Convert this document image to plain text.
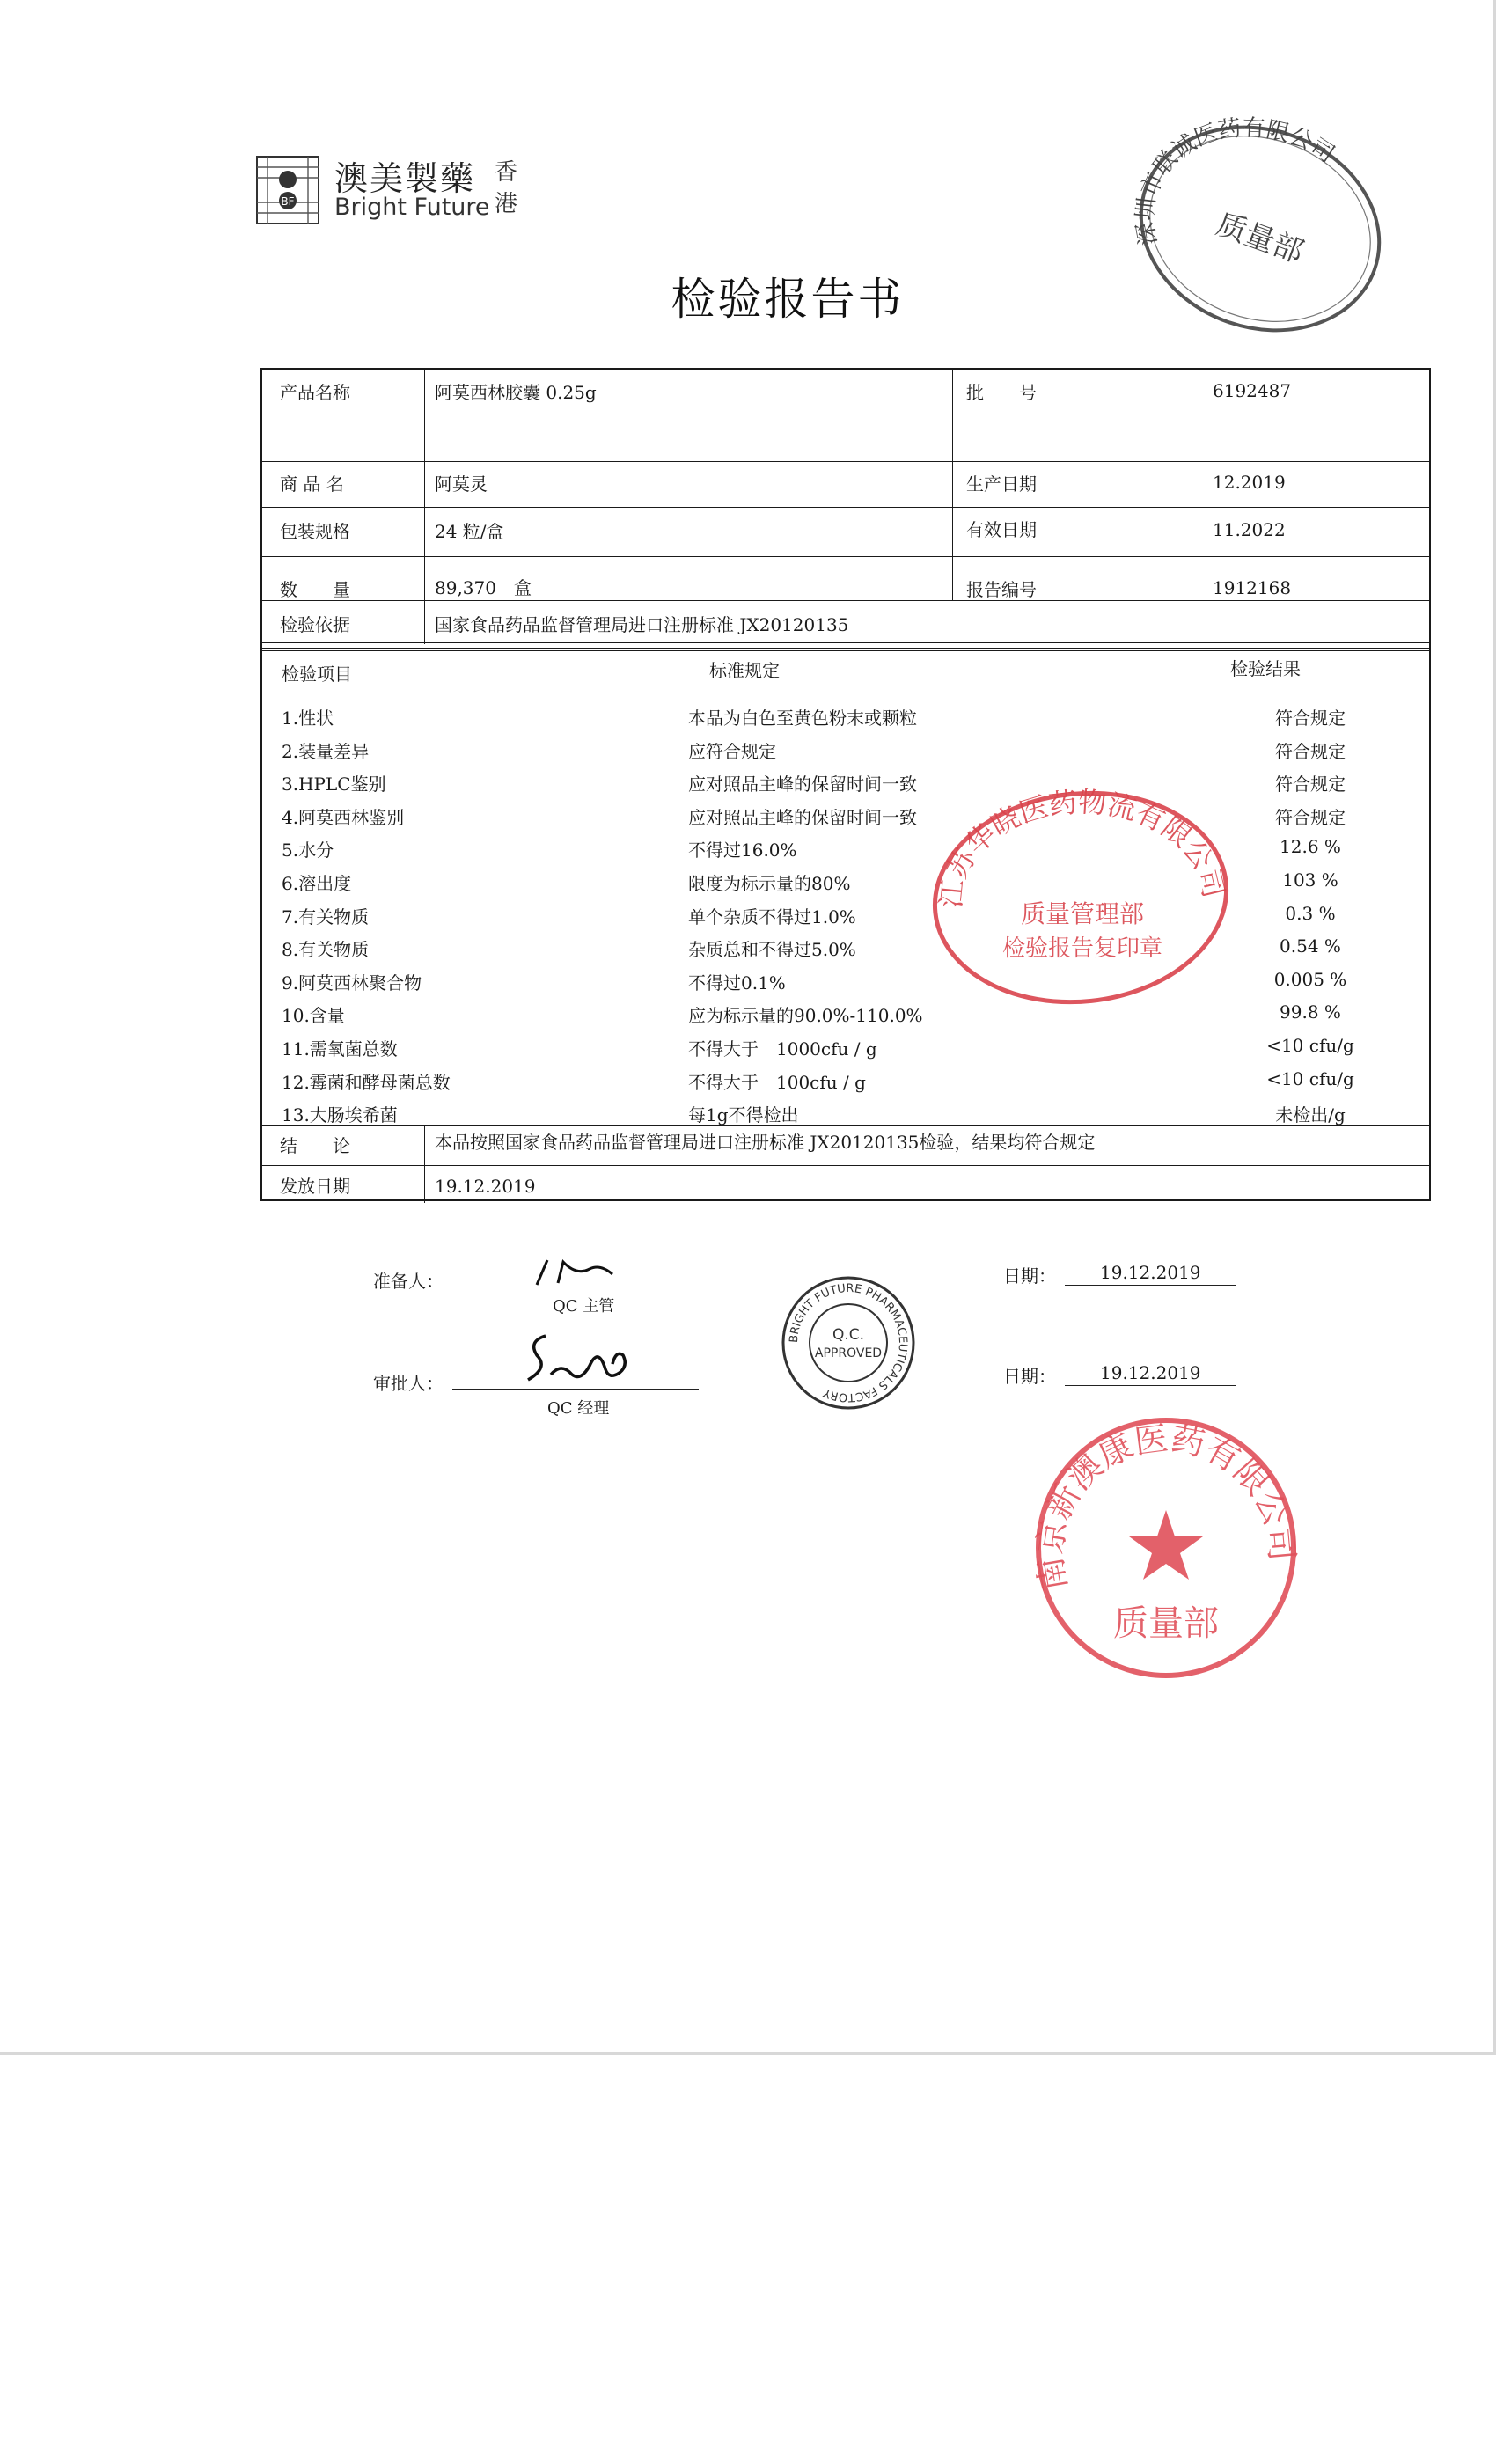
BF
澳美製藥
Bright Future
香港
检验报告书
深圳市联诚医药有限公司
质量部
产品名称	阿莫西林胶囊 0.25g	批　　号	6192487
商 品 名	阿莫灵	生产日期	12.2019
包装规格	24 粒/盒	有效日期	11.2022
数　　量	89,370　盒	报告编号	1912168
检验依据	国家食品药品监督管理局进口注册标准 JX20120135
检验项目	标准规定	检验结果
1.性状	本品为白色至黄色粉末或颗粒	符合规定
2.装量差异	应符合规定	符合规定
3.HPLC鉴别	应对照品主峰的保留时间一致	符合规定
4.阿莫西林鉴别	应对照品主峰的保留时间一致	符合规定
5.水分	不得过16.0%	12.6 %
6.溶出度	限度为标示量的80%	103 %
7.有关物质	单个杂质不得过1.0%	0.3 %
8.有关物质	杂质总和不得过5.0%	0.54 %
9.阿莫西林聚合物	不得过0.1%	0.005 %
10.含量	应为标示量的90.0%-110.0%	99.8 %
11.需氧菌总数	不得大于　1000cfu / g	<10 cfu/g
12.霉菌和酵母菌总数	不得大于　100cfu / g	<10 cfu/g
13.大肠埃希菌	每1g不得检出	未检出/g
结　　论	本品按照国家食品药品监督管理局进口注册标准 JX20120135检验，结果均符合规定
发放日期	19.12.2019
江苏华晓医药物流有限公司
质量管理部
检验报告复印章
准备人：
QC 主管
审批人：
QC 经理
BRIGHT FUTURE PHARMACEUTICALS FACTORY
Q.C.
APPROVED
日期：	19.12.2019
日期：	19.12.2019
南京新澳康医药有限公司
质量部
